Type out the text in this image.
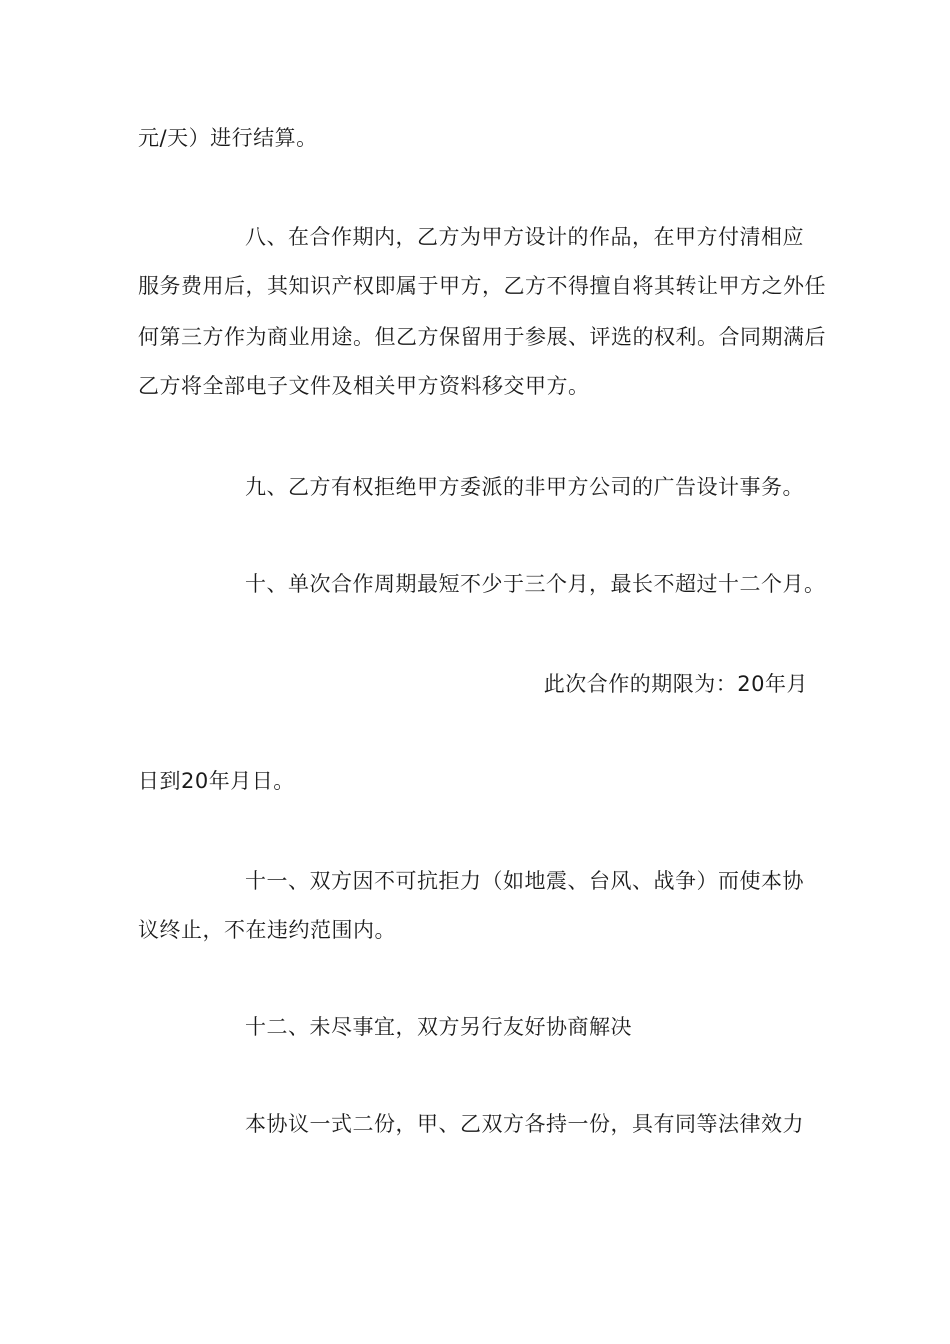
元/天）进行结算。
八、在合作期内，乙方为甲方设计的作品，在甲方付清相应
服务费用后，其知识产权即属于甲方，乙方不得擅自将其转让甲方之外任
何第三方作为商业用途。但乙方保留用于参展、评选的权利。合同期满后
乙方将全部电子文件及相关甲方资料移交甲方。
九、乙方有权拒绝甲方委派的非甲方公司的广告设计事务。
十、单次合作周期最短不少于三个月，最长不超过十二个月。
此次合作的期限为：20年月
日到20年月日。
十一、双方因不可抗拒力（如地震、台风、战争）而使本协
议终止，不在违约范围内。
十二、未尽事宜，双方另行友好协商解决
本协议一式二份，甲、乙双方各持一份，具有同等法律效力
